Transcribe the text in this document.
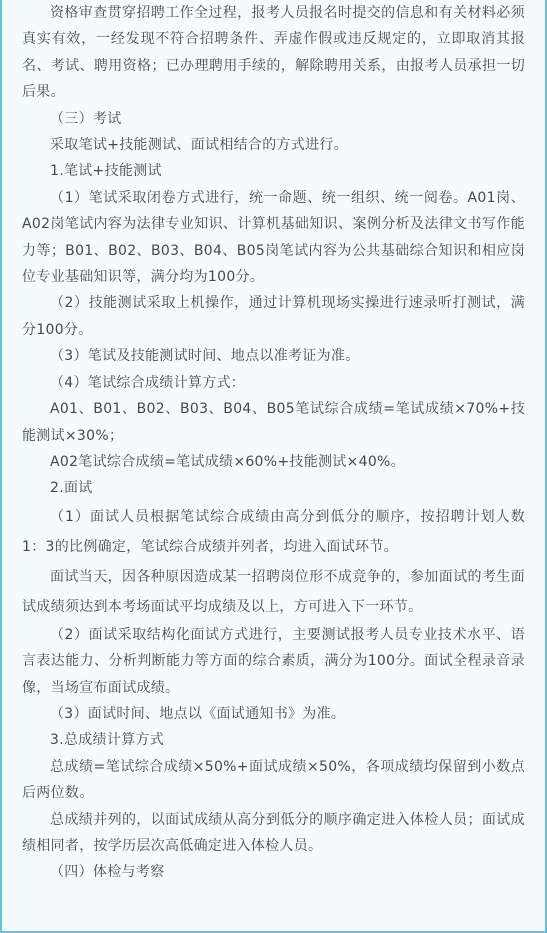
资格审查贯穿招聘工作全过程，报考人员报名时提交的信息和有关材料必须真实有效，一经发现不符合招聘条件、弄虚作假或违反规定的，立即取消其报名、考试、聘用资格；已办理聘用手续的，解除聘用关系，由报考人员承担一切后果。

（三）考试

采取笔试+技能测试、面试相结合的方式进行。

1.笔试+技能测试

（1）笔试采取闭卷方式进行，统一命题、统一组织、统一阅卷。A01岗、A02岗笔试内容为法律专业知识、计算机基础知识、案例分析及法律文书写作能力等；B01、B02、B03、B04、B05岗笔试内容为公共基础综合知识和相应岗位专业基础知识等，满分均为100分。

（2）技能测试采取上机操作，通过计算机现场实操进行速录听打测试，满分100分。

（3）笔试及技能测试时间、地点以准考证为准。

（4）笔试综合成绩计算方式：

A01、B01、B02、B03、B04、B05笔试综合成绩=笔试成绩×70%+技能测试×30%；

A02笔试综合成绩=笔试成绩×60%+技能测试×40%。

2.面试

（1）面试人员根据笔试综合成绩由高分到低分的顺序，按招聘计划人数1：3的比例确定，笔试综合成绩并列者，均进入面试环节。

面试当天，因各种原因造成某一招聘岗位形不成竞争的，参加面试的考生面试成绩须达到本考场面试平均成绩及以上，方可进入下一环节。

（2）面试采取结构化面试方式进行，主要测试报考人员专业技术水平、语言表达能力、分析判断能力等方面的综合素质，满分为100分。面试全程录音录像，当场宣布面试成绩。

（3）面试时间、地点以《面试通知书》为准。

3.总成绩计算方式

总成绩=笔试综合成绩×50%+面试成绩×50%，各项成绩均保留到小数点后两位数。

总成绩并列的，以面试成绩从高分到低分的顺序确定进入体检人员；面试成绩相同者，按学历层次高低确定进入体检人员。

（四）体检与考察
